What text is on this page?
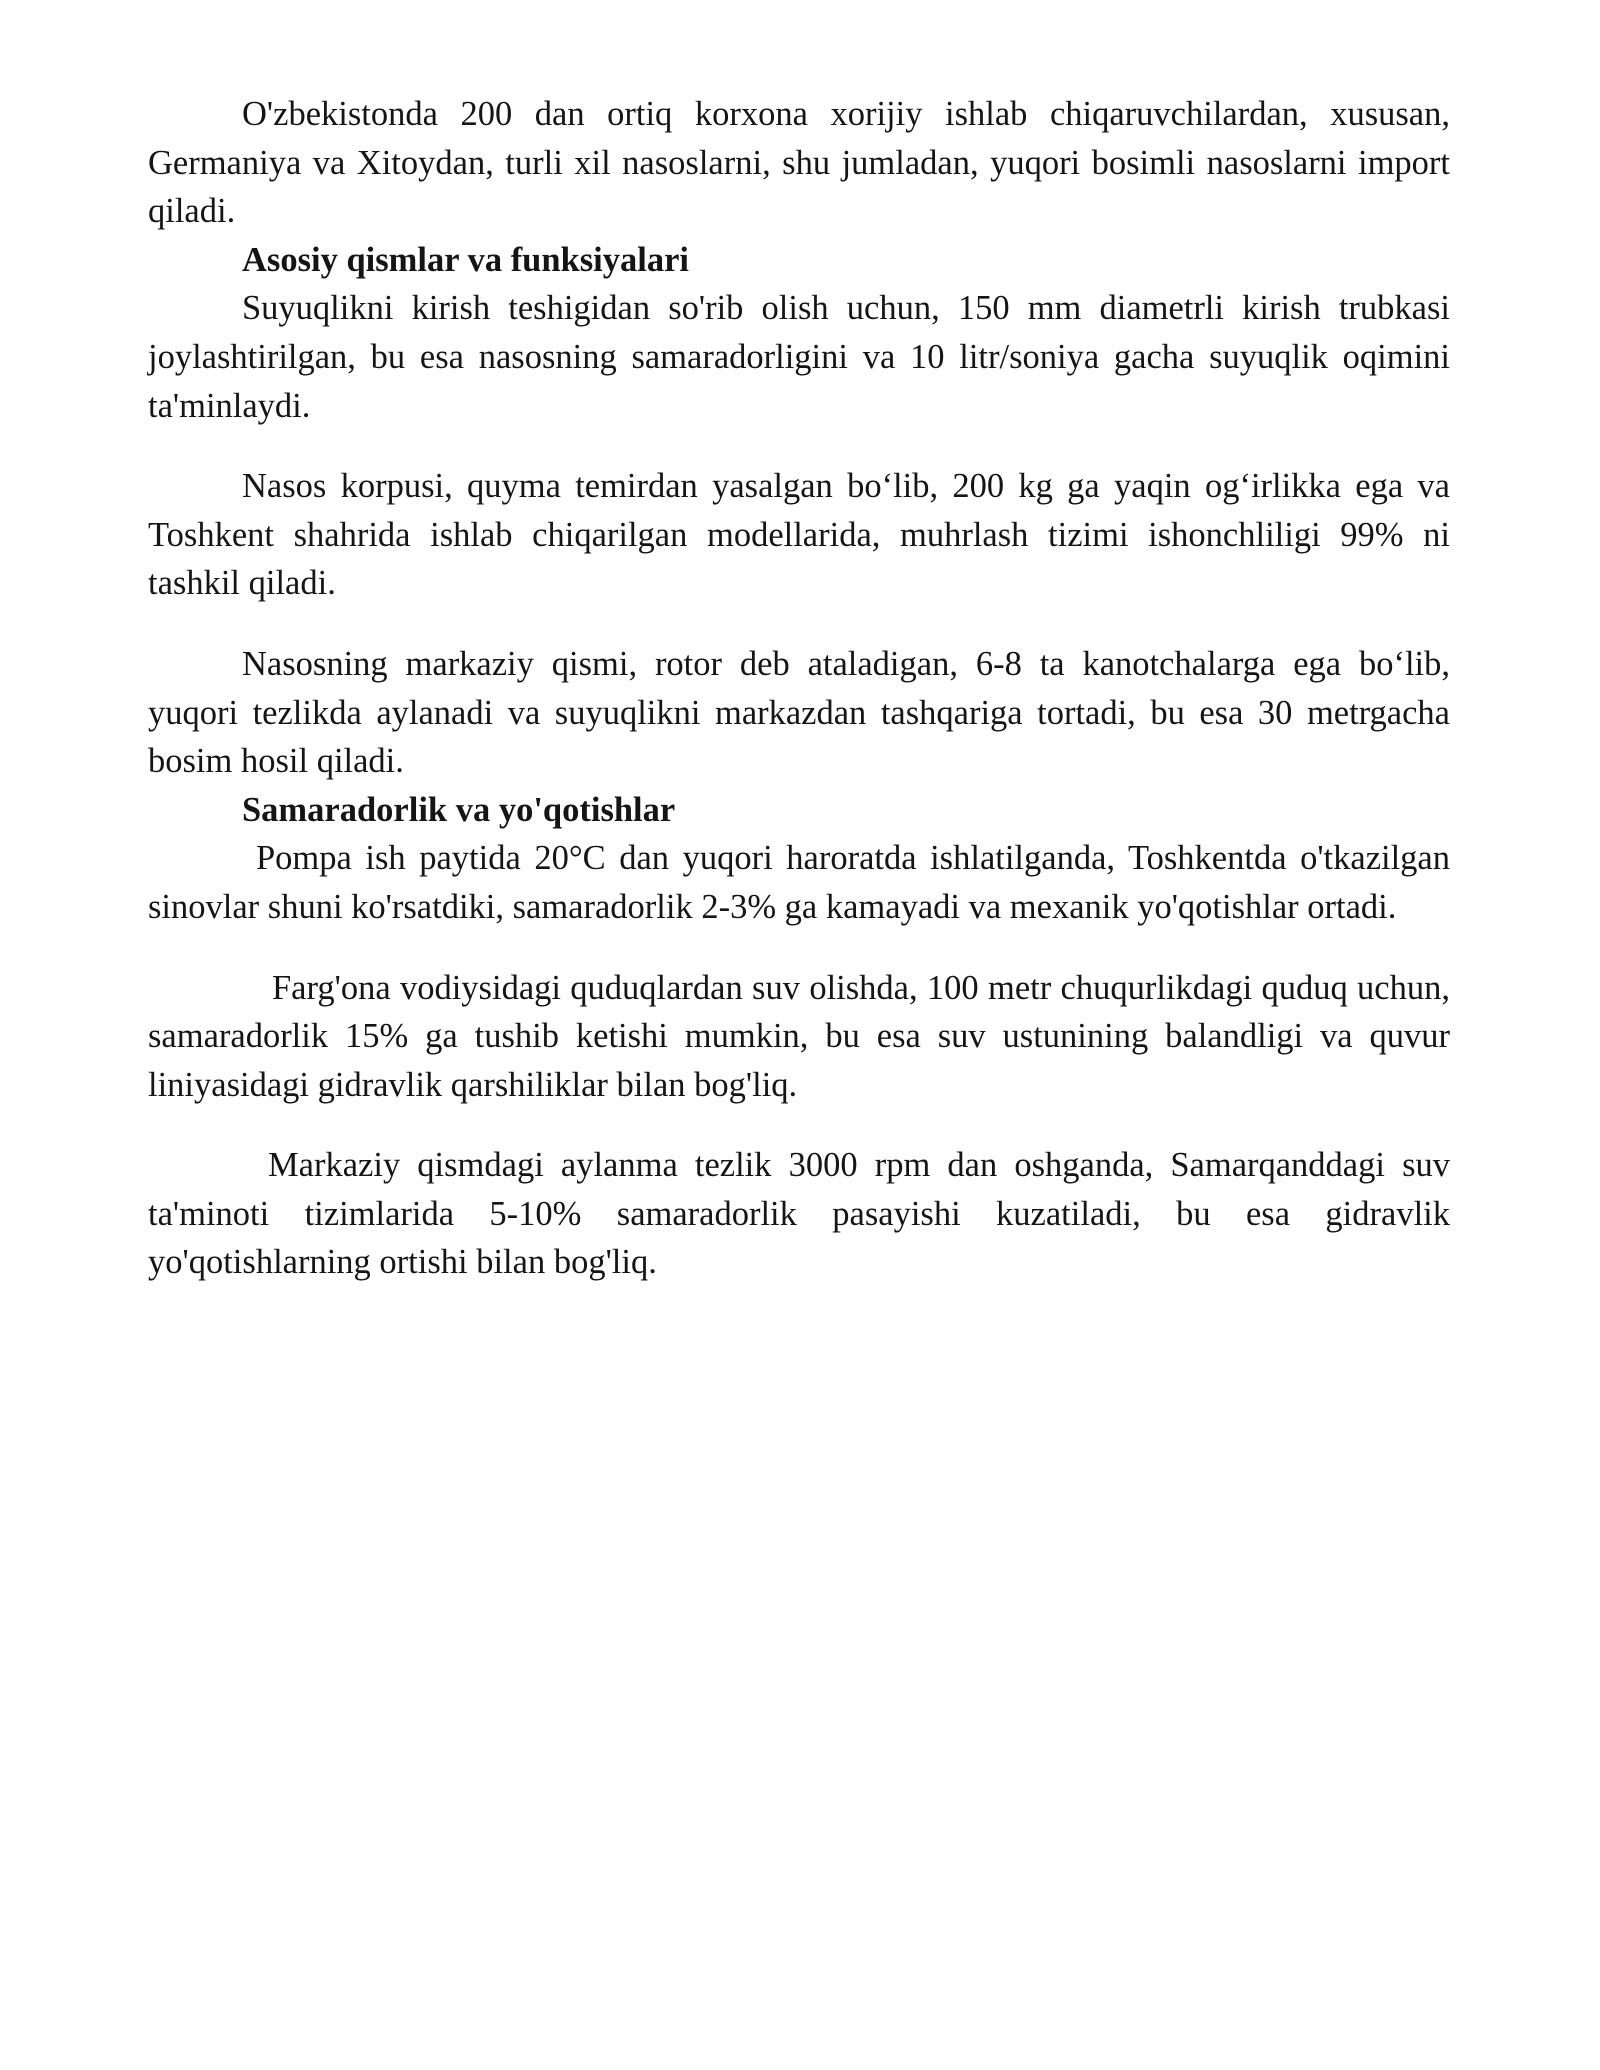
O'zbekistonda 200 dan ortiq korxona xorijiy ishlab chiqaruvchilardan, xususan, Germaniya va Xitoydan, turli xil nasoslarni, shu jumladan, yuqori bosimli nasoslarni import qiladi.

Asosiy qismlar va funksiyalari

Suyuqlikni kirish teshigidan so'rib olish uchun, 150 mm diametrli kirish trubkasi joylashtirilgan, bu esa nasosning samaradorligini va 10 litr/soniya gacha suyuqlik oqimini ta'minlaydi.

Nasos korpusi, quyma temirdan yasalgan bo‘lib, 200 kg ga yaqin og‘irlikka ega va Toshkent shahrida ishlab chiqarilgan modellarida, muhrlash tizimi ishonchliligi 99% ni tashkil qiladi.

Nasosning markaziy qismi, rotor deb ataladigan, 6-8 ta kanotchalarga ega bo‘lib, yuqori tezlikda aylanadi va suyuqlikni markazdan tashqariga tortadi, bu esa 30 metrgacha bosim hosil qiladi.

Samaradorlik va yo'qotishlar

Pompa ish paytida 20°C dan yuqori haroratda ishlatilganda, Toshkentda o'tkazilgan sinovlar shuni ko'rsatdiki, samaradorlik 2-3% ga kamayadi va mexanik yo'qotishlar ortadi.

Farg'ona vodiysidagi quduqlardan suv olishda, 100 metr chuqurlikdagi quduq uchun, samaradorlik 15% ga tushib ketishi mumkin, bu esa suv ustunining balandligi va quvur liniyasidagi gidravlik qarshiliklar bilan bog'liq.

Markaziy qismdagi aylanma tezlik 3000 rpm dan oshganda, Samarqanddagi suv ta'minoti tizimlarida 5-10% samaradorlik pasayishi kuzatiladi, bu esa gidravlik yo'qotishlarning ortishi bilan bog'liq.
